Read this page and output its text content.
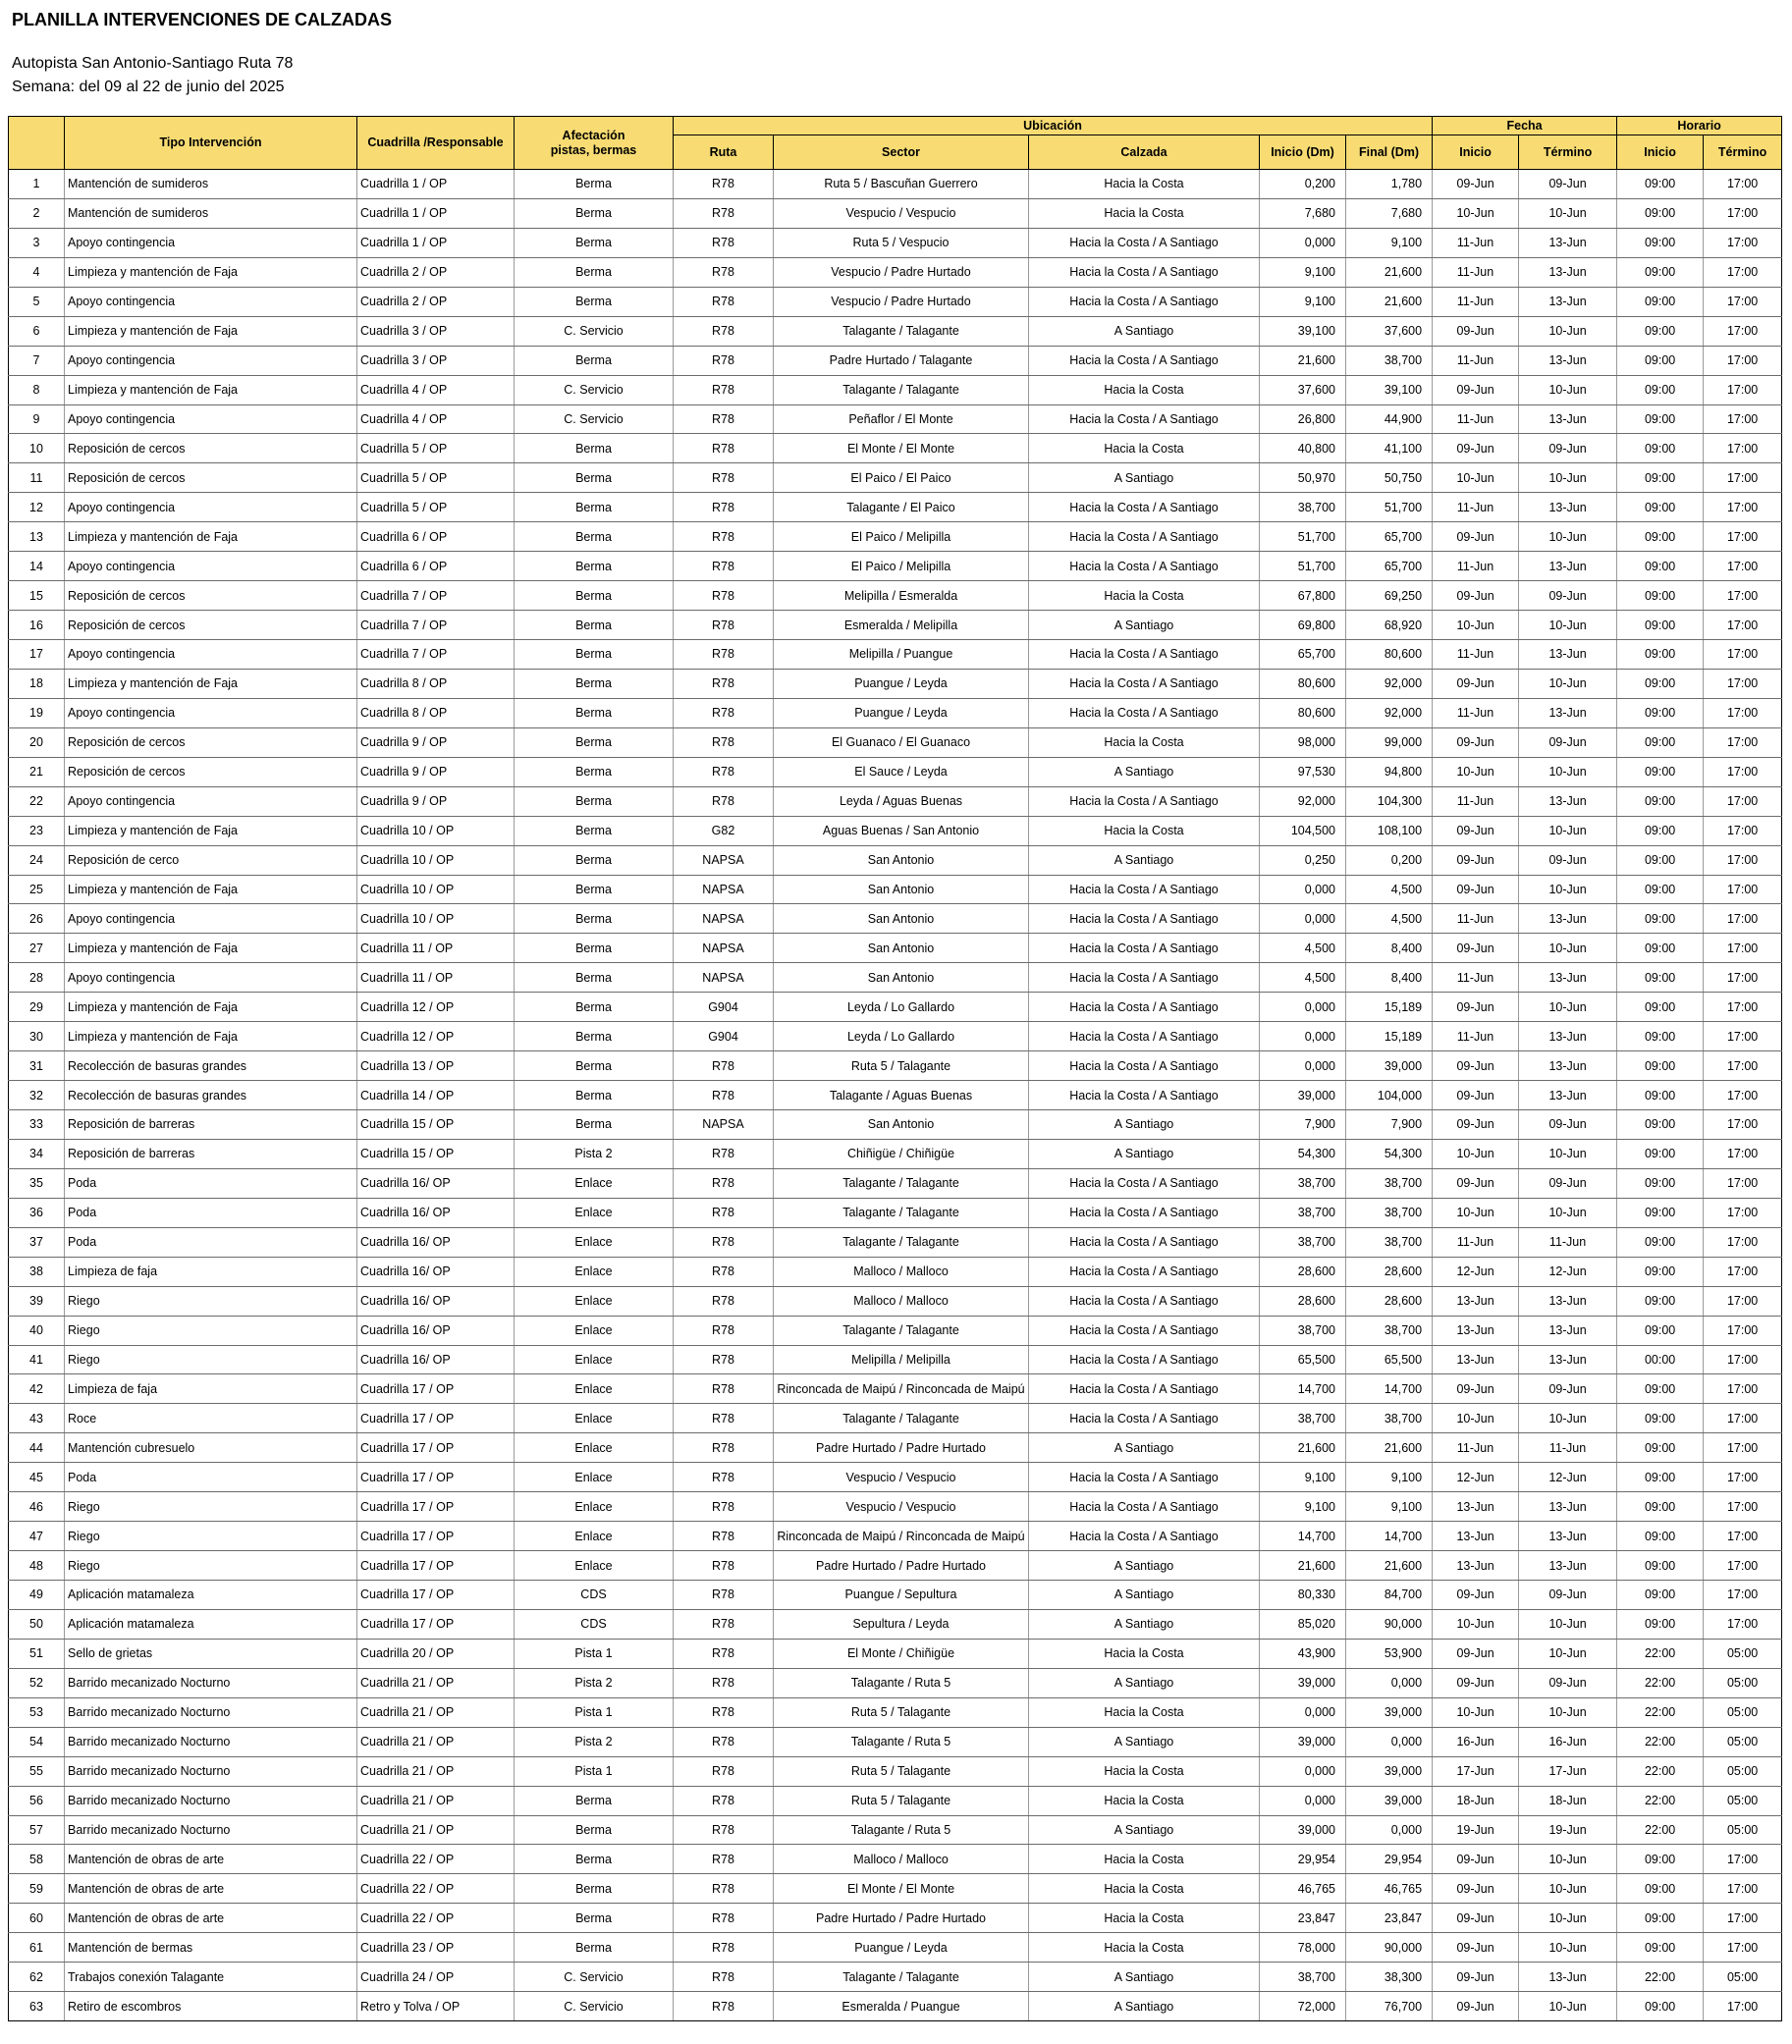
PLANILLA INTERVENCIONES DE CALZADAS
Autopista San Antonio-Santiago Ruta 78
Semana: del 09 al 22 de junio del 2025
	Tipo Intervención	Cuadrilla /Responsable	Afectación
pistas, bermas	Ubicación					Fecha		Horario	
				Ruta	Sector	Calzada	Inicio (Dm)	Final (Dm)	Inicio	Término	Inicio	Término
1	Mantención de sumideros	Cuadrilla 1 / OP	Berma	R78	Ruta 5 / Bascuñan Guerrero	Hacia la Costa	0,200	1,780	09-Jun	09-Jun	09:00	17:00
2	Mantención de sumideros	Cuadrilla 1 / OP	Berma	R78	Vespucio / Vespucio	Hacia la Costa	7,680	7,680	10-Jun	10-Jun	09:00	17:00
3	Apoyo contingencia	Cuadrilla 1 / OP	Berma	R78	Ruta 5 / Vespucio	Hacia la Costa / A Santiago	0,000	9,100	11-Jun	13-Jun	09:00	17:00
4	Limpieza y mantención de Faja	Cuadrilla 2 / OP	Berma	R78	Vespucio / Padre Hurtado	Hacia la Costa / A Santiago	9,100	21,600	11-Jun	13-Jun	09:00	17:00
5	Apoyo contingencia	Cuadrilla 2 / OP	Berma	R78	Vespucio / Padre Hurtado	Hacia la Costa / A Santiago	9,100	21,600	11-Jun	13-Jun	09:00	17:00
6	Limpieza y mantención de Faja	Cuadrilla 3 / OP	C. Servicio	R78	Talagante / Talagante	A Santiago	39,100	37,600	09-Jun	10-Jun	09:00	17:00
7	Apoyo contingencia	Cuadrilla 3 / OP	Berma	R78	Padre Hurtado / Talagante	Hacia la Costa / A Santiago	21,600	38,700	11-Jun	13-Jun	09:00	17:00
8	Limpieza y mantención de Faja	Cuadrilla 4 / OP	C. Servicio	R78	Talagante / Talagante	Hacia la Costa	37,600	39,100	09-Jun	10-Jun	09:00	17:00
9	Apoyo contingencia	Cuadrilla 4 / OP	C. Servicio	R78	Peñaflor / El Monte	Hacia la Costa / A Santiago	26,800	44,900	11-Jun	13-Jun	09:00	17:00
10	Reposición de cercos	Cuadrilla 5 / OP	Berma	R78	El Monte / El Monte	Hacia la Costa	40,800	41,100	09-Jun	09-Jun	09:00	17:00
11	Reposición de cercos	Cuadrilla 5 / OP	Berma	R78	El Paico / El Paico	A Santiago	50,970	50,750	10-Jun	10-Jun	09:00	17:00
12	Apoyo contingencia	Cuadrilla 5 / OP	Berma	R78	Talagante / El Paico	Hacia la Costa / A Santiago	38,700	51,700	11-Jun	13-Jun	09:00	17:00
13	Limpieza y mantención de Faja	Cuadrilla 6 / OP	Berma	R78	El Paico / Melipilla	Hacia la Costa / A Santiago	51,700	65,700	09-Jun	10-Jun	09:00	17:00
14	Apoyo contingencia	Cuadrilla 6 / OP	Berma	R78	El Paico / Melipilla	Hacia la Costa / A Santiago	51,700	65,700	11-Jun	13-Jun	09:00	17:00
15	Reposición de cercos	Cuadrilla 7 / OP	Berma	R78	Melipilla / Esmeralda	Hacia la Costa	67,800	69,250	09-Jun	09-Jun	09:00	17:00
16	Reposición de cercos	Cuadrilla 7 / OP	Berma	R78	Esmeralda / Melipilla	A Santiago	69,800	68,920	10-Jun	10-Jun	09:00	17:00
17	Apoyo contingencia	Cuadrilla 7 / OP	Berma	R78	Melipilla / Puangue	Hacia la Costa / A Santiago	65,700	80,600	11-Jun	13-Jun	09:00	17:00
18	Limpieza y mantención de Faja	Cuadrilla 8 / OP	Berma	R78	Puangue / Leyda	Hacia la Costa / A Santiago	80,600	92,000	09-Jun	10-Jun	09:00	17:00
19	Apoyo contingencia	Cuadrilla 8 / OP	Berma	R78	Puangue / Leyda	Hacia la Costa / A Santiago	80,600	92,000	11-Jun	13-Jun	09:00	17:00
20	Reposición de cercos	Cuadrilla 9 / OP	Berma	R78	El Guanaco / El Guanaco	Hacia la Costa	98,000	99,000	09-Jun	09-Jun	09:00	17:00
21	Reposición de cercos	Cuadrilla 9 / OP	Berma	R78	El Sauce / Leyda	A Santiago	97,530	94,800	10-Jun	10-Jun	09:00	17:00
22	Apoyo contingencia	Cuadrilla 9 / OP	Berma	R78	Leyda / Aguas Buenas	Hacia la Costa / A Santiago	92,000	104,300	11-Jun	13-Jun	09:00	17:00
23	Limpieza y mantención de Faja	Cuadrilla 10 / OP	Berma	G82	Aguas Buenas / San Antonio	Hacia la Costa	104,500	108,100	09-Jun	10-Jun	09:00	17:00
24	Reposición de cerco	Cuadrilla 10 / OP	Berma	NAPSA	San Antonio	A Santiago	0,250	0,200	09-Jun	09-Jun	09:00	17:00
25	Limpieza y mantención de Faja	Cuadrilla 10 / OP	Berma	NAPSA	San Antonio	Hacia la Costa / A Santiago	0,000	4,500	09-Jun	10-Jun	09:00	17:00
26	Apoyo contingencia	Cuadrilla 10 / OP	Berma	NAPSA	San Antonio	Hacia la Costa / A Santiago	0,000	4,500	11-Jun	13-Jun	09:00	17:00
27	Limpieza y mantención de Faja	Cuadrilla 11 / OP	Berma	NAPSA	San Antonio	Hacia la Costa / A Santiago	4,500	8,400	09-Jun	10-Jun	09:00	17:00
28	Apoyo contingencia	Cuadrilla 11 / OP	Berma	NAPSA	San Antonio	Hacia la Costa / A Santiago	4,500	8,400	11-Jun	13-Jun	09:00	17:00
29	Limpieza y mantención de Faja	Cuadrilla 12 / OP	Berma	G904	Leyda / Lo Gallardo	Hacia la Costa / A Santiago	0,000	15,189	09-Jun	10-Jun	09:00	17:00
30	Limpieza y mantención de Faja	Cuadrilla 12 / OP	Berma	G904	Leyda / Lo Gallardo	Hacia la Costa / A Santiago	0,000	15,189	11-Jun	13-Jun	09:00	17:00
31	Recolección de basuras grandes	Cuadrilla 13 / OP	Berma	R78	Ruta 5 / Talagante	Hacia la Costa / A Santiago	0,000	39,000	09-Jun	13-Jun	09:00	17:00
32	Recolección de basuras grandes	Cuadrilla 14 / OP	Berma	R78	Talagante / Aguas Buenas	Hacia la Costa / A Santiago	39,000	104,000	09-Jun	13-Jun	09:00	17:00
33	Reposición de barreras	Cuadrilla 15 / OP	Berma	NAPSA	San Antonio	A Santiago	7,900	7,900	09-Jun	09-Jun	09:00	17:00
34	Reposición de barreras	Cuadrilla 15 / OP	Pista 2	R78	Chiñigüe / Chiñigüe	A Santiago	54,300	54,300	10-Jun	10-Jun	09:00	17:00
35	Poda	Cuadrilla 16/ OP	Enlace	R78	Talagante / Talagante	Hacia la Costa / A Santiago	38,700	38,700	09-Jun	09-Jun	09:00	17:00
36	Poda	Cuadrilla 16/ OP	Enlace	R78	Talagante / Talagante	Hacia la Costa / A Santiago	38,700	38,700	10-Jun	10-Jun	09:00	17:00
37	Poda	Cuadrilla 16/ OP	Enlace	R78	Talagante / Talagante	Hacia la Costa / A Santiago	38,700	38,700	11-Jun	11-Jun	09:00	17:00
38	Limpieza de faja	Cuadrilla 16/ OP	Enlace	R78	Malloco / Malloco	Hacia la Costa / A Santiago	28,600	28,600	12-Jun	12-Jun	09:00	17:00
39	Riego	Cuadrilla 16/ OP	Enlace	R78	Malloco / Malloco	Hacia la Costa / A Santiago	28,600	28,600	13-Jun	13-Jun	09:00	17:00
40	Riego	Cuadrilla 16/ OP	Enlace	R78	Talagante / Talagante	Hacia la Costa / A Santiago	38,700	38,700	13-Jun	13-Jun	09:00	17:00
41	Riego	Cuadrilla 16/ OP	Enlace	R78	Melipilla / Melipilla	Hacia la Costa / A Santiago	65,500	65,500	13-Jun	13-Jun	00:00	17:00
42	Limpieza de faja	Cuadrilla 17 / OP	Enlace	R78	Rinconcada de Maipú / Rinconcada de Maipú	Hacia la Costa / A Santiago	14,700	14,700	09-Jun	09-Jun	09:00	17:00
43	Roce	Cuadrilla 17 / OP	Enlace	R78	Talagante / Talagante	Hacia la Costa / A Santiago	38,700	38,700	10-Jun	10-Jun	09:00	17:00
44	Mantención cubresuelo	Cuadrilla 17 / OP	Enlace	R78	Padre Hurtado / Padre Hurtado	A Santiago	21,600	21,600	11-Jun	11-Jun	09:00	17:00
45	Poda	Cuadrilla 17 / OP	Enlace	R78	Vespucio / Vespucio	Hacia la Costa / A Santiago	9,100	9,100	12-Jun	12-Jun	09:00	17:00
46	Riego	Cuadrilla 17 / OP	Enlace	R78	Vespucio / Vespucio	Hacia la Costa / A Santiago	9,100	9,100	13-Jun	13-Jun	09:00	17:00
47	Riego	Cuadrilla 17 / OP	Enlace	R78	Rinconcada de Maipú / Rinconcada de Maipú	Hacia la Costa / A Santiago	14,700	14,700	13-Jun	13-Jun	09:00	17:00
48	Riego	Cuadrilla 17 / OP	Enlace	R78	Padre Hurtado / Padre Hurtado	A Santiago	21,600	21,600	13-Jun	13-Jun	09:00	17:00
49	Aplicación matamaleza	Cuadrilla 17 / OP	CDS	R78	Puangue / Sepultura	A Santiago	80,330	84,700	09-Jun	09-Jun	09:00	17:00
50	Aplicación matamaleza	Cuadrilla 17 / OP	CDS	R78	Sepultura / Leyda	A Santiago	85,020	90,000	10-Jun	10-Jun	09:00	17:00
51	Sello de grietas	Cuadrilla 20 / OP	Pista 1	R78	El Monte / Chiñigüe	Hacia la Costa	43,900	53,900	09-Jun	10-Jun	22:00	05:00
52	Barrido mecanizado Nocturno	Cuadrilla 21 / OP	Pista 2	R78	Talagante / Ruta 5	A Santiago	39,000	0,000	09-Jun	09-Jun	22:00	05:00
53	Barrido mecanizado Nocturno	Cuadrilla 21 / OP	Pista 1	R78	Ruta 5 / Talagante	Hacia la Costa	0,000	39,000	10-Jun	10-Jun	22:00	05:00
54	Barrido mecanizado Nocturno	Cuadrilla 21 / OP	Pista 2	R78	Talagante / Ruta 5	A Santiago	39,000	0,000	16-Jun	16-Jun	22:00	05:00
55	Barrido mecanizado Nocturno	Cuadrilla 21 / OP	Pista 1	R78	Ruta 5 / Talagante	Hacia la Costa	0,000	39,000	17-Jun	17-Jun	22:00	05:00
56	Barrido mecanizado Nocturno	Cuadrilla 21 / OP	Berma	R78	Ruta 5 / Talagante	Hacia la Costa	0,000	39,000	18-Jun	18-Jun	22:00	05:00
57	Barrido mecanizado Nocturno	Cuadrilla 21 / OP	Berma	R78	Talagante / Ruta 5	A Santiago	39,000	0,000	19-Jun	19-Jun	22:00	05:00
58	Mantención de obras de arte	Cuadrilla 22 / OP	Berma	R78	Malloco / Malloco	Hacia la Costa	29,954	29,954	09-Jun	10-Jun	09:00	17:00
59	Mantención de obras de arte	Cuadrilla 22 / OP	Berma	R78	El Monte / El Monte	Hacia la Costa	46,765	46,765	09-Jun	10-Jun	09:00	17:00
60	Mantención de obras de arte	Cuadrilla 22 / OP	Berma	R78	Padre Hurtado / Padre Hurtado	Hacia la Costa	23,847	23,847	09-Jun	10-Jun	09:00	17:00
61	Mantención de bermas	Cuadrilla 23 / OP	Berma	R78	Puangue / Leyda	Hacia la Costa	78,000	90,000	09-Jun	10-Jun	09:00	17:00
62	Trabajos conexión Talagante	Cuadrilla 24 / OP	C. Servicio	R78	Talagante / Talagante	A Santiago	38,700	38,300	09-Jun	13-Jun	22:00	05:00
63	Retiro de escombros	Retro y Tolva / OP	C. Servicio	R78	Esmeralda / Puangue	A Santiago	72,000	76,700	09-Jun	10-Jun	09:00	17:00
